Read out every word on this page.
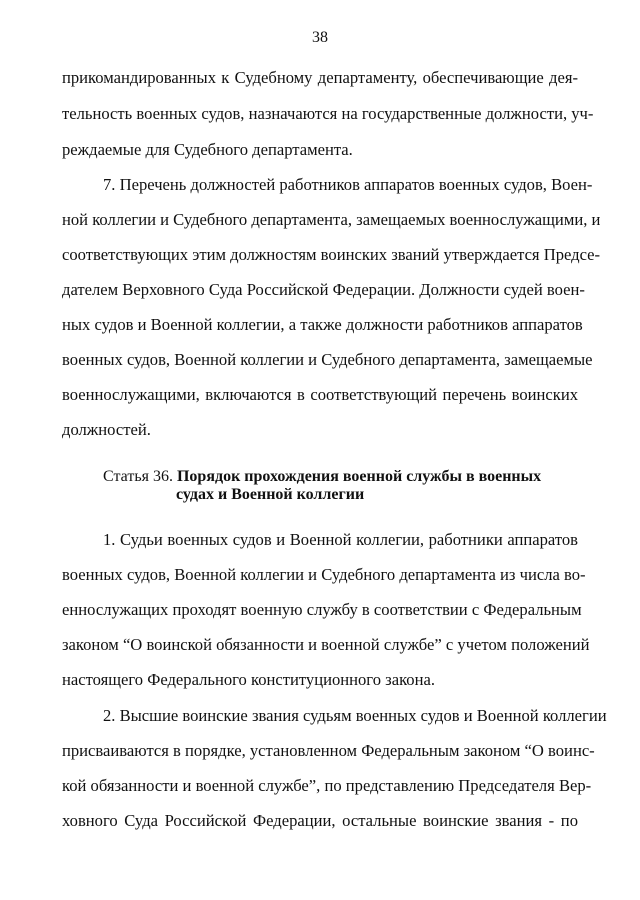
38
прикомандированных к Судебному департаменту, обеспечивающие дея-
тельность военных судов, назначаются на государственные должности, уч-
реждаемые для Судебного департамента.
7. Перечень должностей работников аппаратов военных судов, Воен-
ной коллегии и Судебного департамента, замещаемых военнослужащими, и
соответствующих этим должностям воинских званий утверждается Предсе-
дателем Верховного Суда Российской Федерации. Должности судей воен-
ных судов и Военной коллегии, а также должности работников аппаратов
военных судов, Военной коллегии и Судебного департамента, замещаемые
военнослужащими, включаются в соответствующий перечень воинских
должностей.
Статья 36. Порядок прохождения военной службы в военных
судах и Военной коллегии
1. Судьи военных судов и Военной коллегии, работники аппаратов
военных судов, Военной коллегии и Судебного департамента из числа во-
еннослужащих проходят военную службу в соответствии с Федеральным
законом “О воинской обязанности и военной службе” с учетом положений
настоящего Федерального конституционного закона.
2. Высшие воинские звания судьям военных судов и Военной коллегии
присваиваются в порядке, установленном Федеральным законом “О воинс-
кой обязанности и военной службе”, по представлению Председателя Вер-
ховного Суда Российской Федерации, остальные воинские звания - по
